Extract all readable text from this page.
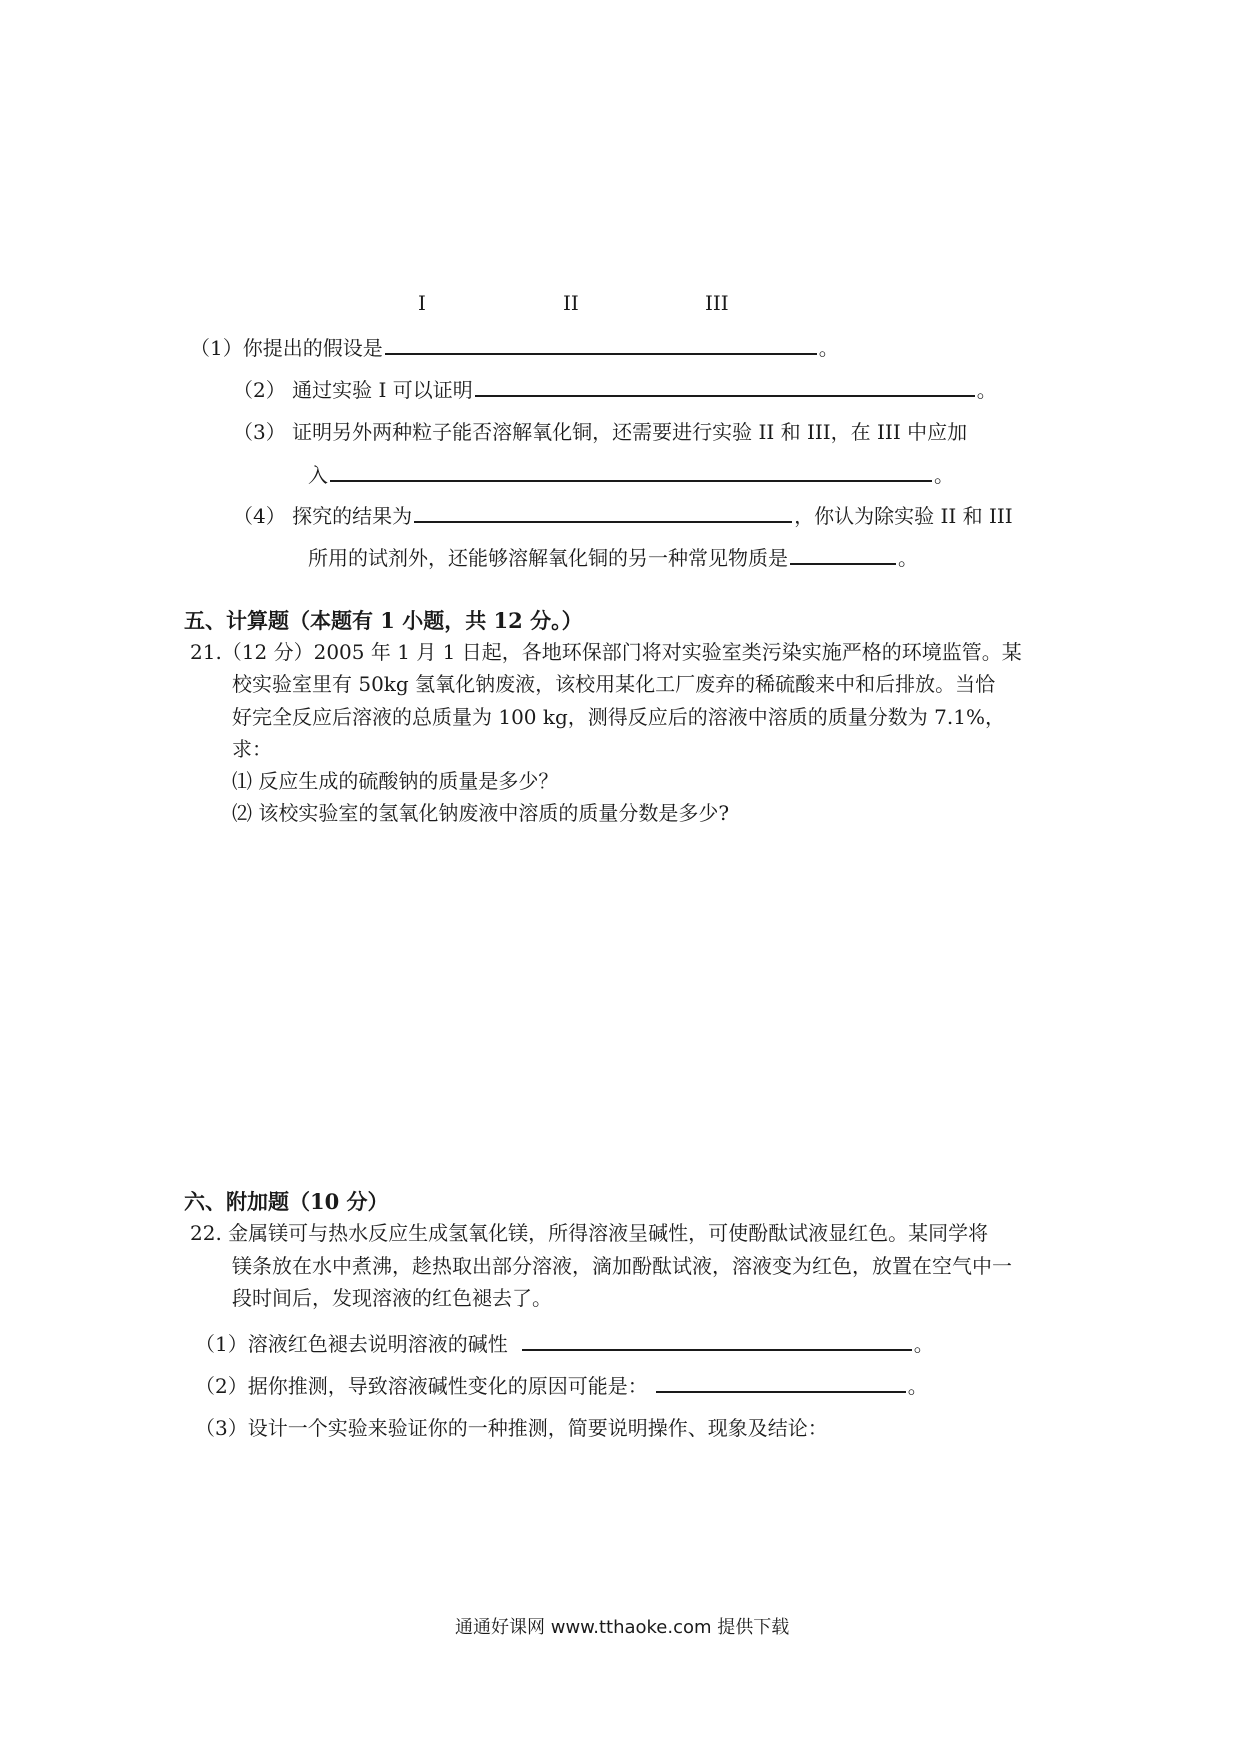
I	II	III
（1）你提出的假设是	。
（2） 通过实验 I 可以证明	。
（3） 证明另外两种粒子能否溶解氧化铜，还需要进行实验 II 和 III，在 III 中应加
入	。
（4） 探究的结果为	，你认为除实验 II 和 III
所用的试剂外，还能够溶解氧化铜的另一种常见物质是	。
五、计算题（本题有 1 小题，共 12 分。）
21.（12 分）2005 年 1 月 1 日起，各地环保部门将对实验室类污染实施严格的环境监管。某
校实验室里有 50kg 氢氧化钠废液，该校用某化工厂废弃的稀硫酸来中和后排放。当恰
好完全反应后溶液的总质量为 100 kg，测得反应后的溶液中溶质的质量分数为 7.1%，
求：
⑴ 反应生成的硫酸钠的质量是多少？
⑵ 该校实验室的氢氧化钠废液中溶质的质量分数是多少?
六、附加题（10 分）
22. 金属镁可与热水反应生成氢氧化镁，所得溶液呈碱性，可使酚酞试液显红色。某同学将
镁条放在水中煮沸，趁热取出部分溶液，滴加酚酞试液，溶液变为红色，放置在空气中一
段时间后，发现溶液的红色褪去了。
（1）溶液红色褪去说明溶液的碱性	。
（2）据你推测，导致溶液碱性变化的原因可能是：	。
（3）设计一个实验来验证你的一种推测，简要说明操作、现象及结论：
通通好课网 www.tthaoke.com 提供下载
